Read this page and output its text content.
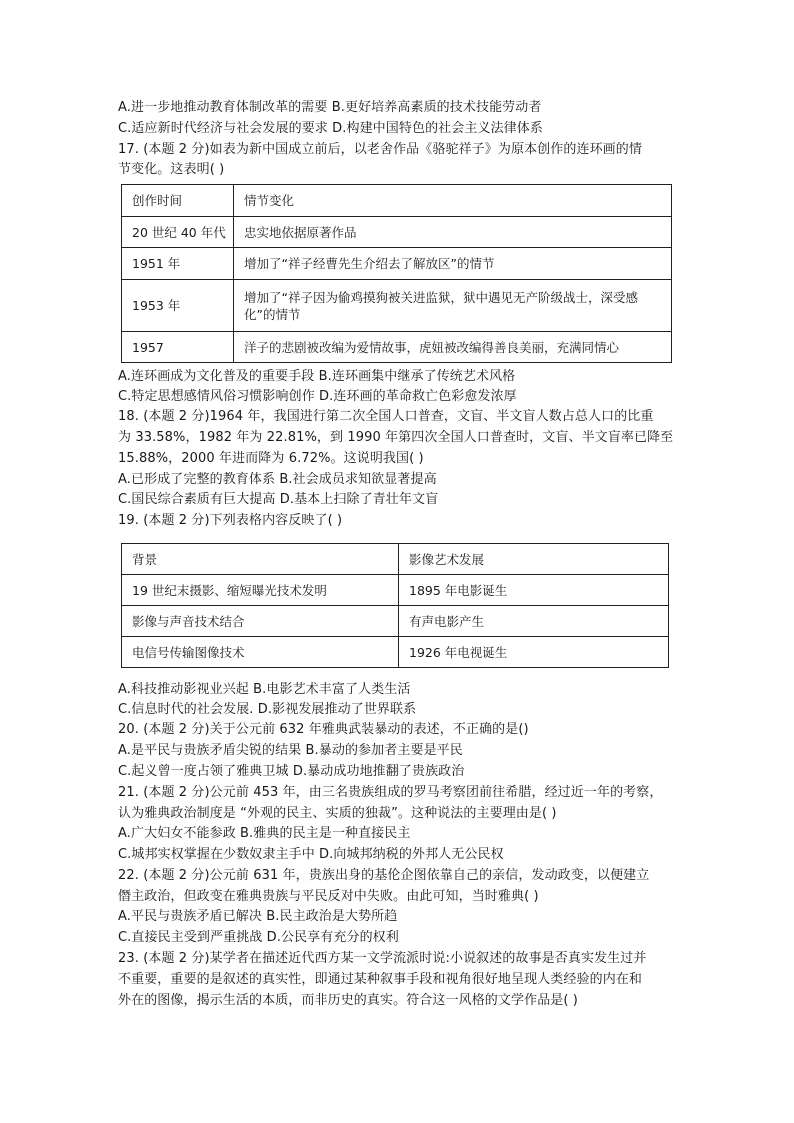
A.进一步地推动教育体制改革的需要 B.更好培养高素质的技术技能劳动者
C.适应新时代经济与社会发展的要求 D.构建中国特色的社会主义法律体系
17. (本题 2 分)如表为新中国成立前后，以老舍作品《骆驼祥子》为原本创作的连环画的情
节变化。这表明( )
创作时间	情节变化
20 世纪 40 年代	忠实地依据原著作品
1951 年	增加了“祥子经曹先生介绍去了解放区”的情节
1953 年	增加了“祥子因为偷鸡摸狗被关进监狱，狱中遇见无产阶级战士，深受感化”的情节

1957	洋子的悲剧被改编为爱情故事，虎妞被改编得善良美丽，充满同情心
A.连环画成为文化普及的重要手段 B.连环画集中继承了传统艺术风格
C.特定思想感情风俗习惯影响创作 D.连环画的革命救亡色彩愈发浓厚
18. (本题 2 分)1964 年，我国进行第二次全国人口普查，文盲、半文盲人数占总人口的比重
为 33.58%，1982 年为 22.81%，到 1990 年第四次全国人口普查时，文盲、半文盲率已降至
15.88%，2000 年进而降为 6.72%。这说明我国( )
A.已形成了完整的教育体系 B.社会成员求知欲显著提高
C.国民综合素质有巨大提高 D.基本上扫除了青壮年文盲
19. (本题 2 分)下列表格内容反映了( )
背景	影像艺术发展
19 世纪末摄影、缩短曝光技术发明	1895 年电影诞生
影像与声音技术结合	有声电影产生
电信号传输图像技术	1926 年电视诞生
A.科技推动影视业兴起 B.电影艺术丰富了人类生活
C.信息时代的社会发展. D.影视发展推动了世界联系
20. (本题 2 分)关于公元前 632 年雅典武装暴动的表述，不正确的是()
A.是平民与贵族矛盾尖锐的结果 B.暴动的参加者主要是平民
C.起义曾一度占领了雅典卫城 D.暴动成功地推翻了贵族政治
21. (本题 2 分)公元前 453 年，由三名贵族组成的罗马考察团前往希腊，经过近一年的考察，
认为雅典政治制度是 “外观的民主、实质的独裁”。这种说法的主要理由是( )
A.广大妇女不能参政 B.雅典的民主是一种直接民主
C.城邦实权掌握在少数奴隶主手中 D.向城邦纳税的外邦人无公民权
22. (本题 2 分)公元前 631 年，贵族出身的基伦企图依靠自己的亲信，发动政变，以便建立
僭主政治，但政变在雅典贵族与平民反对中失败。由此可知，当时雅典( )
A.平民与贵族矛盾已解决 B.民主政治是大势所趋
C.直接民主受到严重挑战 D.公民享有充分的权利
23. (本题 2 分)某学者在描述近代西方某一文学流派时说:小说叙述的故事是否真实发生过并
不重要，重要的是叙述的真实性，即通过某种叙事手段和视角很好地呈现人类经验的内在和
外在的图像，揭示生活的本质，而非历史的真实。符合这一风格的文学作品是( )
